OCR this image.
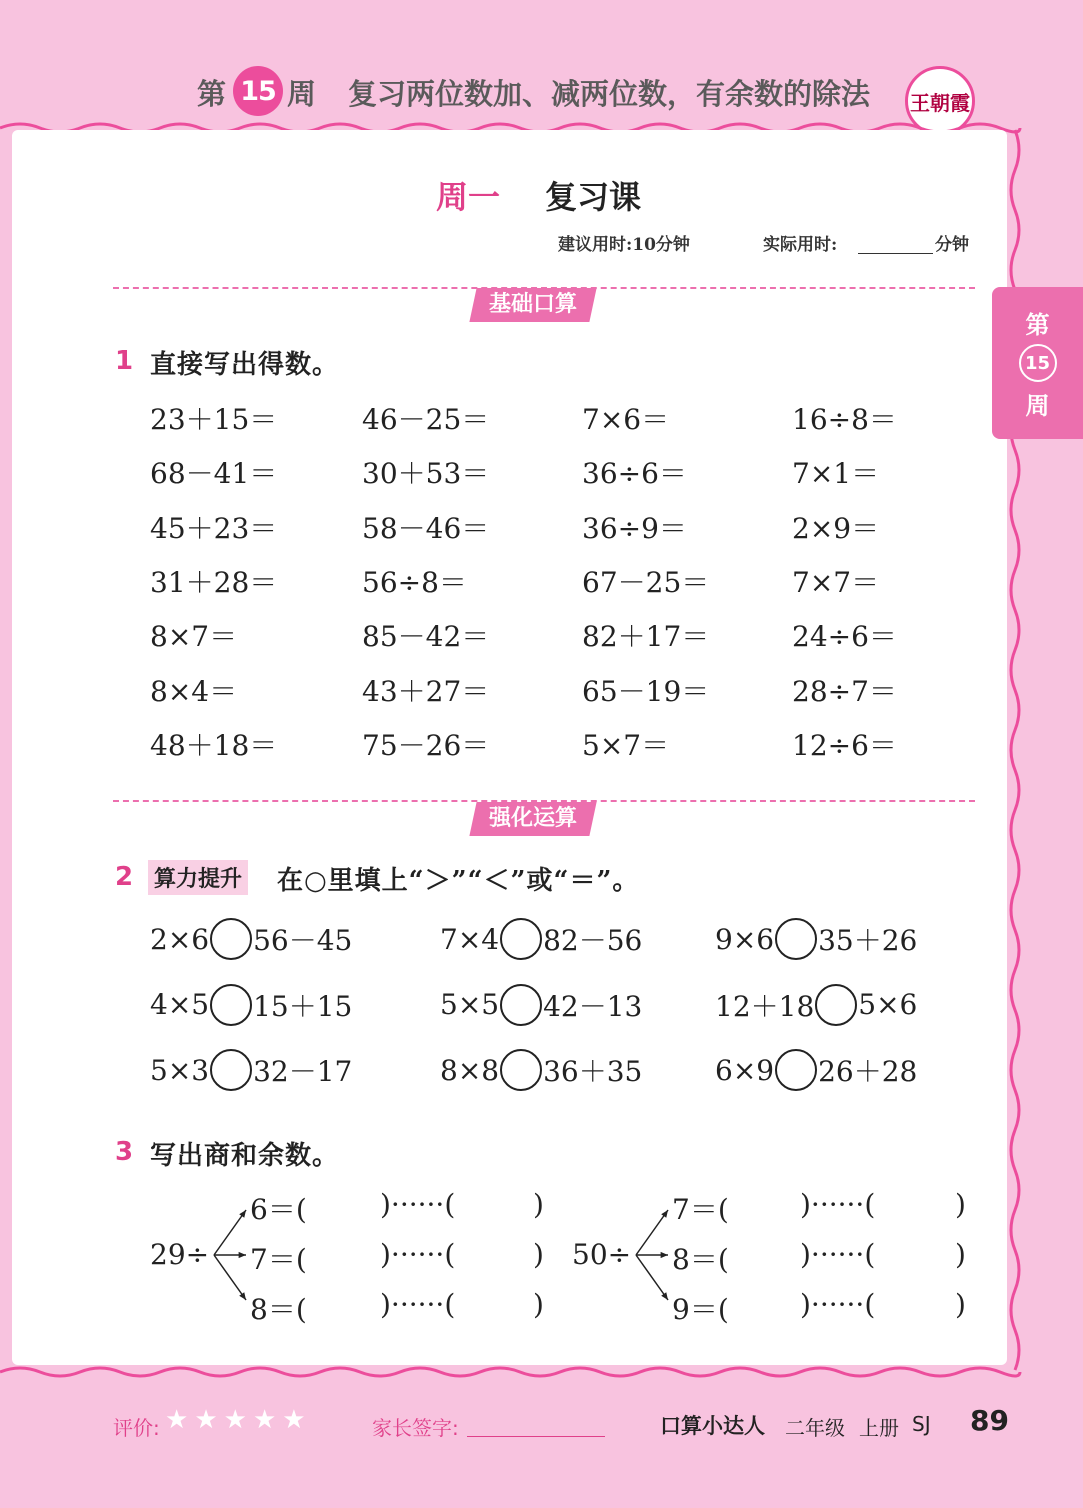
第 15 周 复习两位数加、减两位数，有余数的除法 王朝霞
周一 复习课
建议用时:10分钟	实际用时:	分钟
基础口算
1 直接写出得数。
23＋15＝	46－25＝	7×6＝	16÷8＝
68－41＝	30＋53＝	36÷6＝	7×1＝
45＋23＝	58－46＝	36÷9＝	2×9＝
31＋28＝	56÷8＝	67－25＝	7×7＝
8×7＝	85－42＝	82＋17＝	24÷6＝
8×4＝	43＋27＝	65－19＝	28÷7＝
48＋18＝	75－26＝	5×7＝	12÷6＝
强化运算
2 算力提升 在○里填上“＞”“＜”或“＝”。
2×6 56－45	7×4 82－56	9×6 35＋26
4×5 15＋15	5×5 42－13	12＋18 5×6
5×3 32－17	8×8 36＋35	6×9 26＋28
3 写出商和余数。
29÷
6＝(	)······(	)
7＝(	)······(	)
8＝(	)······(	)
50÷
7＝(	)······(	)
8＝(	)······(	)
9＝(	)······(	)
第
15
周
评价: ★ ★ ★ ★ ★	家长签字:	口算小达人 二年级 上册 SJ 89
